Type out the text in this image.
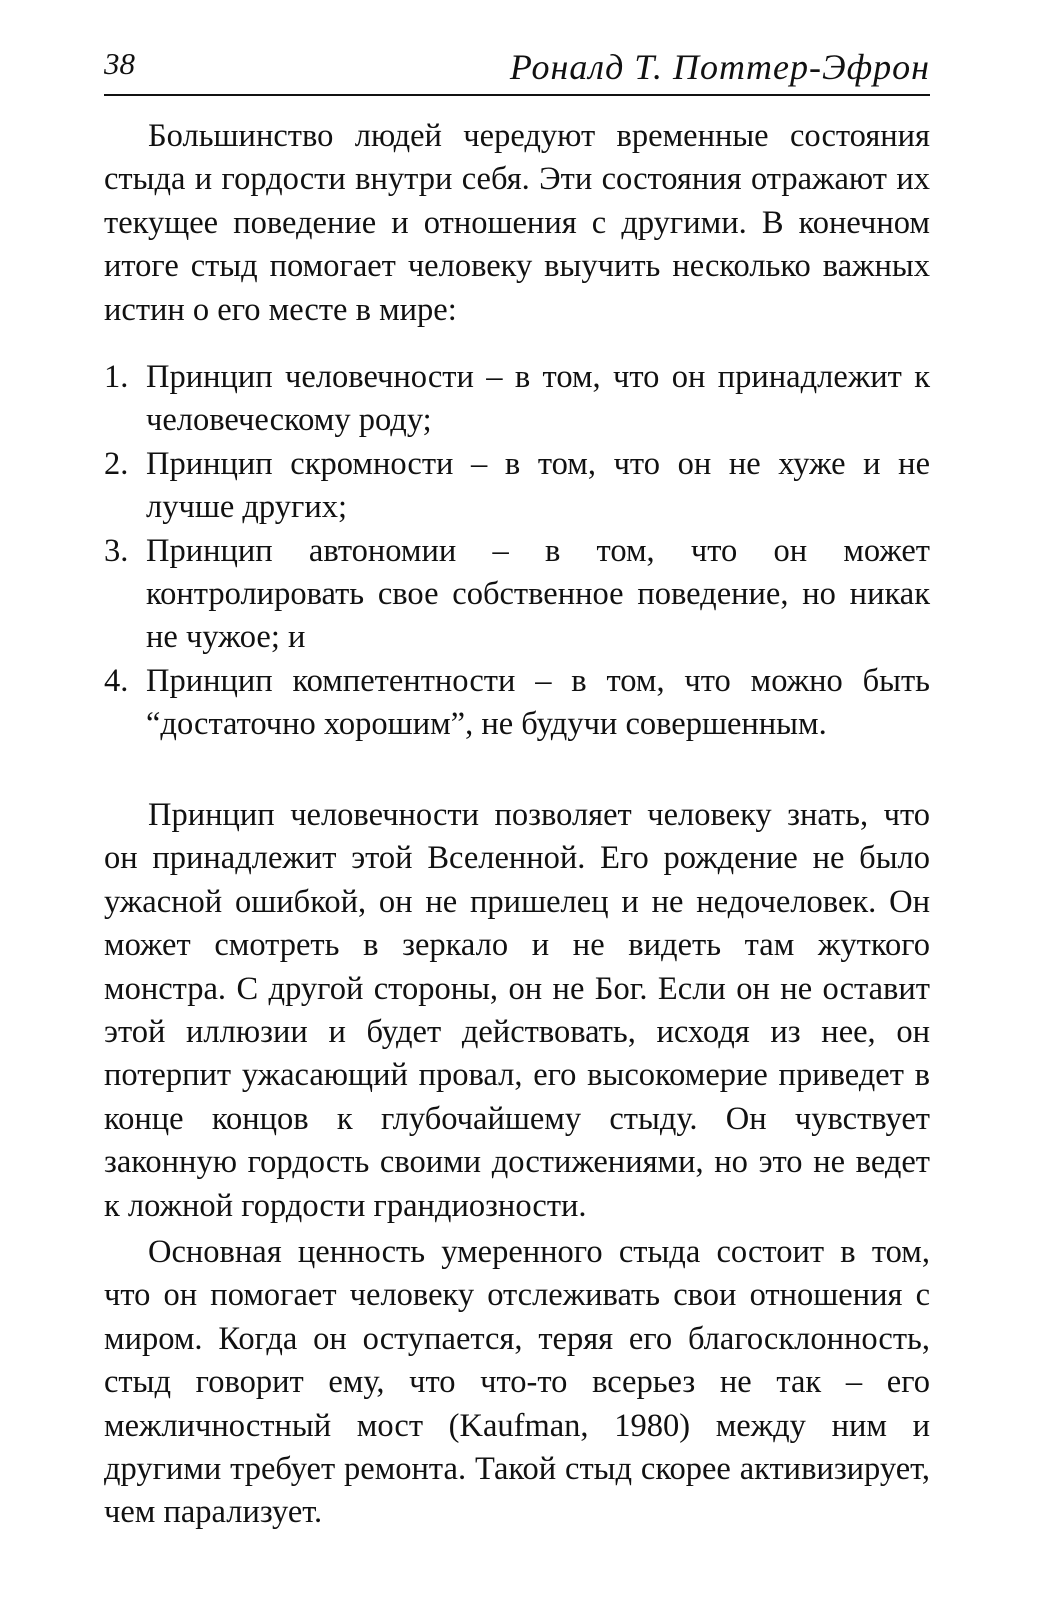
38	Роналд Т. Поттер-Эфрон

Большинство людей чередуют временные состояния стыда и гордости внутри себя. Эти состояния отражают их текущее поведение и отношения с другими. В конечном итоге стыд помогает человеку выучить несколько важных истин о его месте в мире:

1. Принцип человечности – в том, что он принадлежит к человеческому роду;
2. Принцип скромности – в том, что он не хуже и не лучше других;
3. Принцип автономии – в том, что он может контролировать свое собственное поведение, но никак не чужое; и
4. Принцип компетентности – в том, что можно быть “достаточно хорошим”, не будучи совершенным.

Принцип человечности позволяет человеку знать, что он принадлежит этой Вселенной. Его рождение не было ужасной ошибкой, он не пришелец и не недочеловек. Он может смотреть в зеркало и не видеть там жуткого монстра. С другой стороны, он не Бог. Если он не оставит этой иллюзии и будет действовать, исходя из нее, он потерпит ужасающий провал, его высокомерие приведет в конце концов к глубочайшему стыду. Он чувствует законную гордость своими достижениями, но это не ведет к ложной гордости грандиозности.

Основная ценность умеренного стыда состоит в том, что он помогает человеку отслеживать свои отношения с миром. Когда он оступается, теряя его благосклонность, стыд говорит ему, что что-то всерьез не так – его межличностный мост (Kaufman, 1980) между ним и другими требует ремонта. Такой стыд скорее активизирует, чем парализует.
